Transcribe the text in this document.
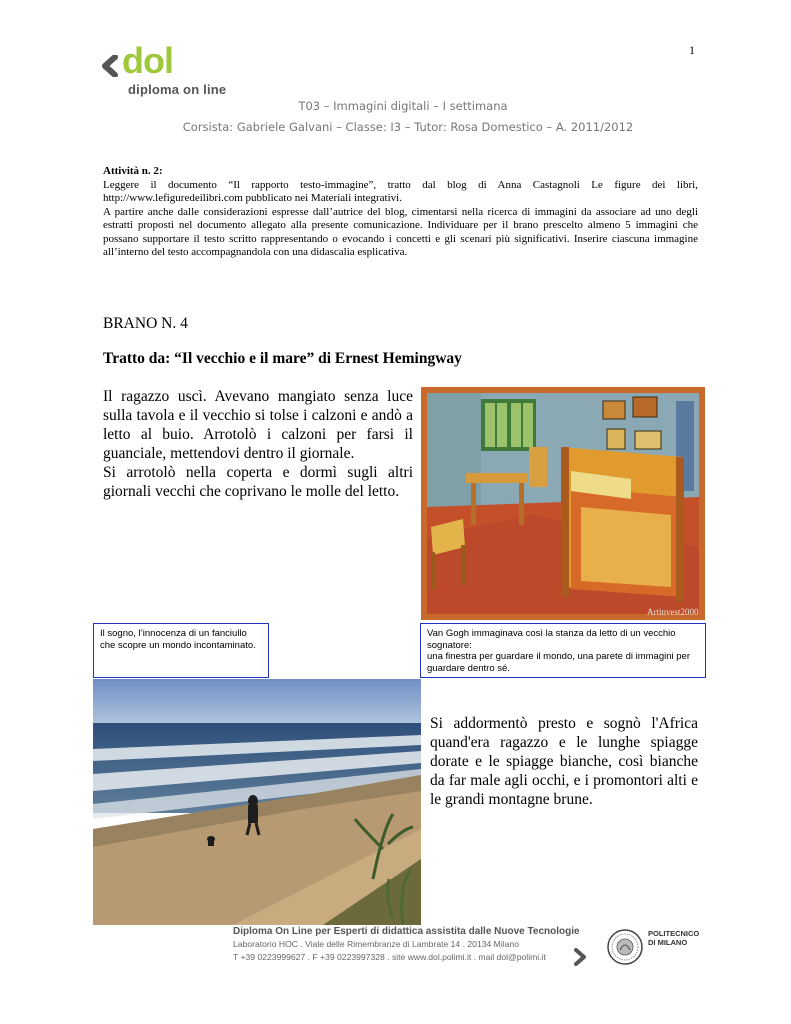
dol
diploma on line
1
T03 – Immagini digitali – I settimana
Corsista: Gabriele Galvani – Classe: I3 – Tutor: Rosa Domestico – A. 2011/2012
Attività n. 2:

Leggere il documento “Il rapporto testo-immagine”, tratto dal blog di Anna Castagnoli Le figure dei libri, http://www.lefiguredeilibri.com pubblicato nei Materiali integrativi.

A partire anche dalle considerazioni espresse dall’autrice del blog, cimentarsi nella ricerca di immagini da associare ad uno degli estratti proposti nel documento allegato alla presente comunicazione. Individuare per il brano prescelto almeno 5 immagini che possano supportare il testo scritto rappresentando o evocando i concetti e gli scenari più significativi. Inserire ciascuna immagine all’interno del testo accompagnandola con una didascalia esplicativa.

BRANO N. 4
Tratto da: “Il vecchio e il mare” di Ernest Hemingway

Il ragazzo uscì. Avevano mangiato senza luce sulla tavola e il vecchio si tolse i calzoni e andò a letto al buio. Arrotolò i calzoni per farsi il guanciale, mettendovi dentro il giornale.

Si arrotolò nella coperta e dormì sugli altri giornali vecchi che coprivano le molle del letto.

Artinvest2000

Il sogno, l’innocenza di un fanciullo che scopre un mondo incontaminato.

Van Gogh immaginava così la stanza da letto di un vecchio sognatore:

una finestra per guardare il mondo, una parete di immagini per guardare dentro sé.

Si addormentò presto e sognò l'Africa quand'era ragazzo e le lunghe spiagge dorate e le spiagge bianche, così bianche da far male agli occhi, e i promontori alti e le grandi montagne brune.
Diploma On Line per Esperti di didattica assistita dalle Nuove Tecnologie
Laboratorio HOC . Viale delle Rimembranze di Lambrate 14 . 20134 Milano
T +39 0223999627 . F +39 0223997328 . site www.dol.polimi.it . mail dol@polimi.it
POLITECNICO
DI MILANO
